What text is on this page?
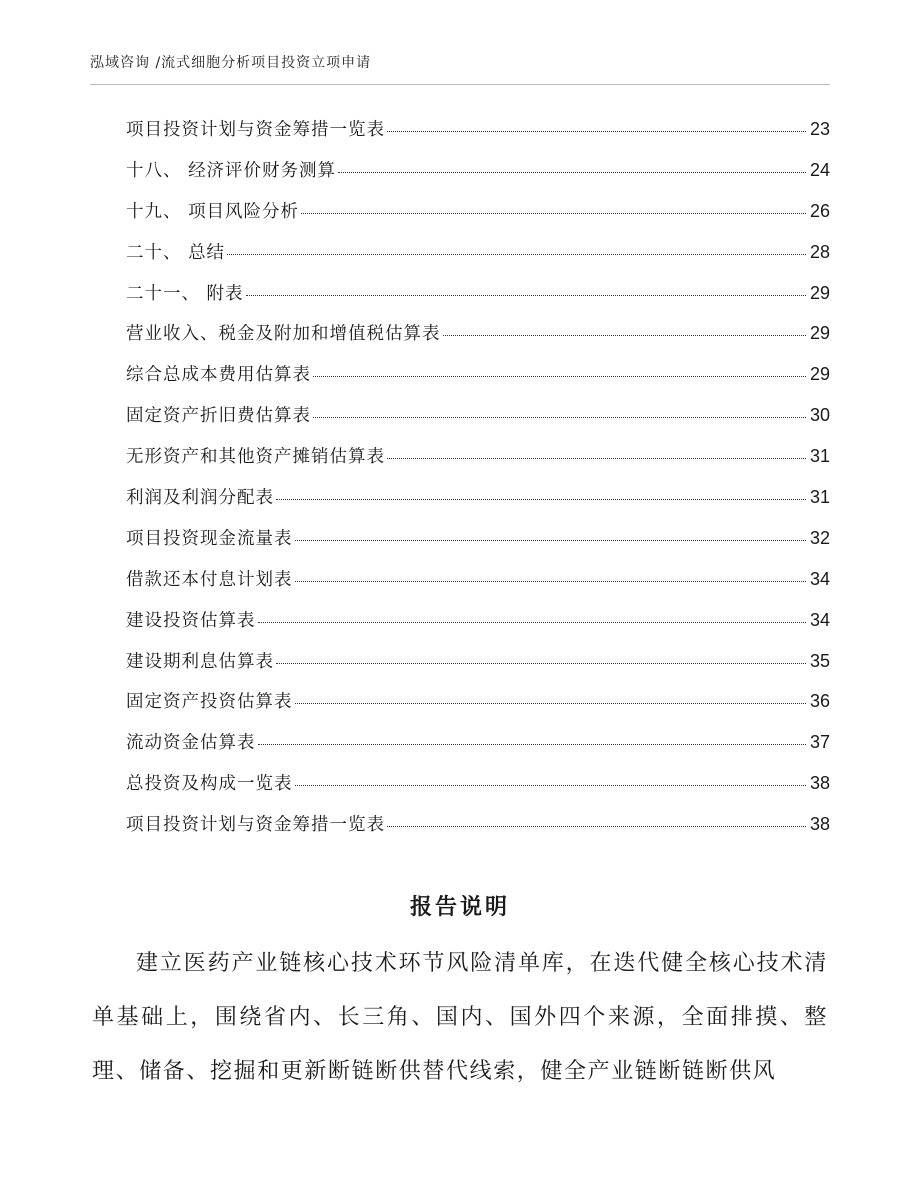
泓域咨询 /流式细胞分析项目投资立项申请
项目投资计划与资金筹措一览表	23
十八、 经济评价财务测算	24
十九、 项目风险分析	26
二十、 总结	28
二十一、 附表	29
营业收入、税金及附加和增值税估算表	29
综合总成本费用估算表	29
固定资产折旧费估算表	30
无形资产和其他资产摊销估算表	31
利润及利润分配表	31
项目投资现金流量表	32
借款还本付息计划表	34
建设投资估算表	34
建设期利息估算表	35
固定资产投资估算表	36
流动资金估算表	37
总投资及构成一览表	38
项目投资计划与资金筹措一览表	38
报告说明

建立医药产业链核心技术环节风险清单库，在迭代健全核心技术清单基础上，围绕省内、长三角、国内、国外四个来源，全面排摸、整理、储备、挖掘和更新断链断供替代线索，健全产业链断链断供风
